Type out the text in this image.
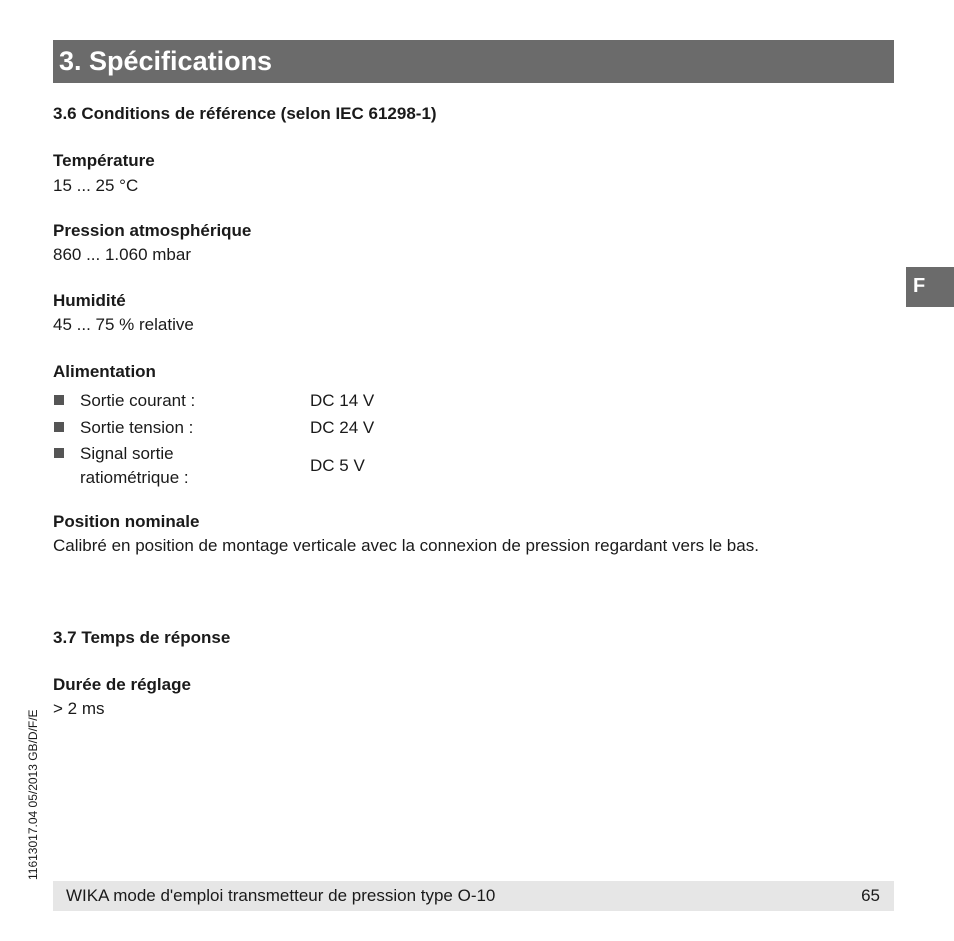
3. Spécifications
F
3.6 Conditions de référence (selon IEC 61298-1)
Température
15 ... 25 °C
Pression atmosphérique
860 ... 1.060 mbar
Humidité
45 ... 75 % relative
Alimentation
Sortie courant :	DC 14 V
Sortie tension :	DC 24 V
Signal sortie
ratiométrique :
DC 5 V
Position nominale
Calibré en position de montage verticale avec la connexion de pression regardant vers le bas.
3.7 Temps de réponse
Durée de réglage
> 2 ms
11613017.04 05/2013 GB/D/F/E
WIKA mode d'emploi transmetteur de pression type O-10	65
